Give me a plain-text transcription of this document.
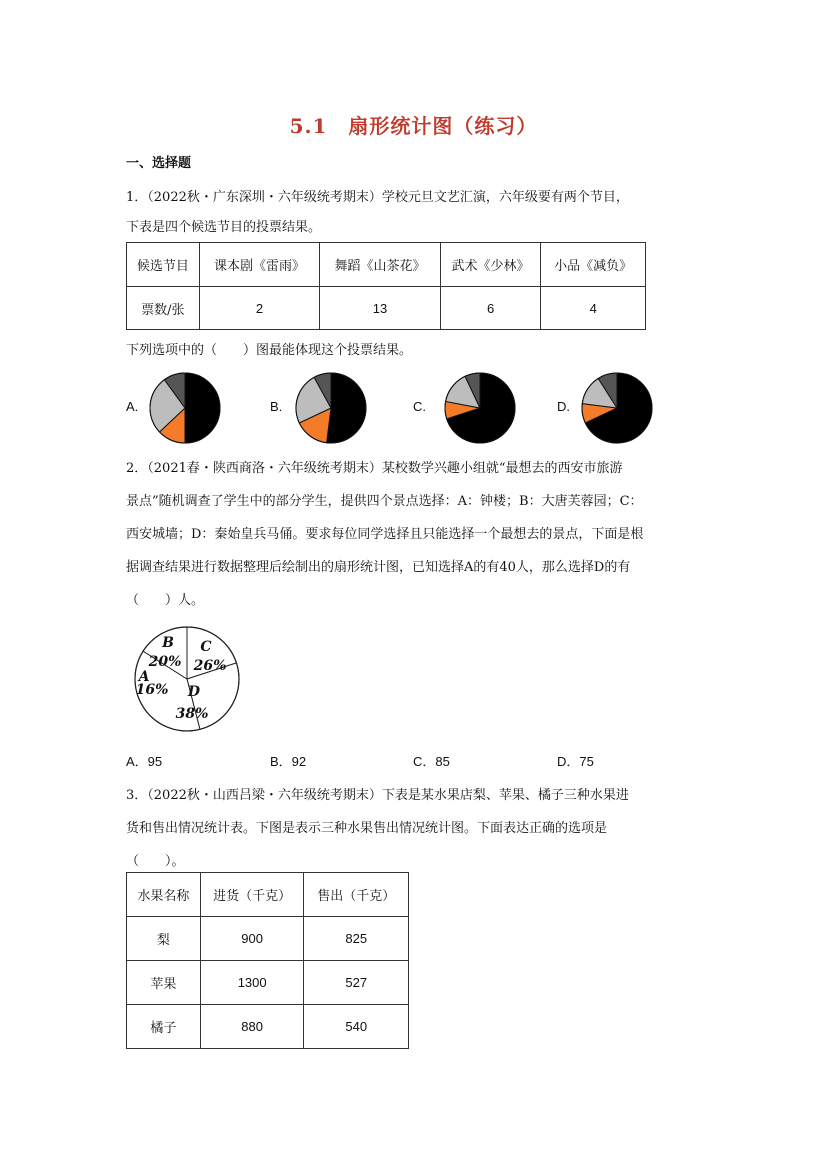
5.1　扇形统计图（练习）
一、选择题
1．（2022秋・广东深圳・六年级统考期末）学校元旦文艺汇演，六年级要有两个节目，
下表是四个候选节目的投票结果。
候选节目	课本剧《雷雨》	舞蹈《山茶花》	武术《少林》	小品《减负》
票数/张	2	13	6	4
下列选项中的（　　）图最能体现这个投票结果。
A.	B.	C.	D.
2．（2021春・陕西商洛・六年级统考期末）某校数学兴趣小组就“最想去的西安市旅游
景点”随机调查了学生中的部分学生，提供四个景点选择：A：钟楼；B：大唐芙蓉园；C：
西安城墙；D：秦始皇兵马俑。要求每位同学选择且只能选择一个最想去的景点，下面是根
据调查结果进行数据整理后绘制出的扇形统计图，已知选择A的有40人，那么选择D的有
（　　）人。
B
20%
C
26%
D
38%
A
16%
A．95	B．92	C．85	D．75
3．（2022秋・山西吕梁・六年级统考期末）下表是某水果店梨、苹果、橘子三种水果进
货和售出情况统计表。下图是表示三种水果售出情况统计图。下面表达正确的选项是
（　　）。
水果名称	进货（千克）	售出（千克）
梨	900	825
苹果	1300	527
橘子	880	540
